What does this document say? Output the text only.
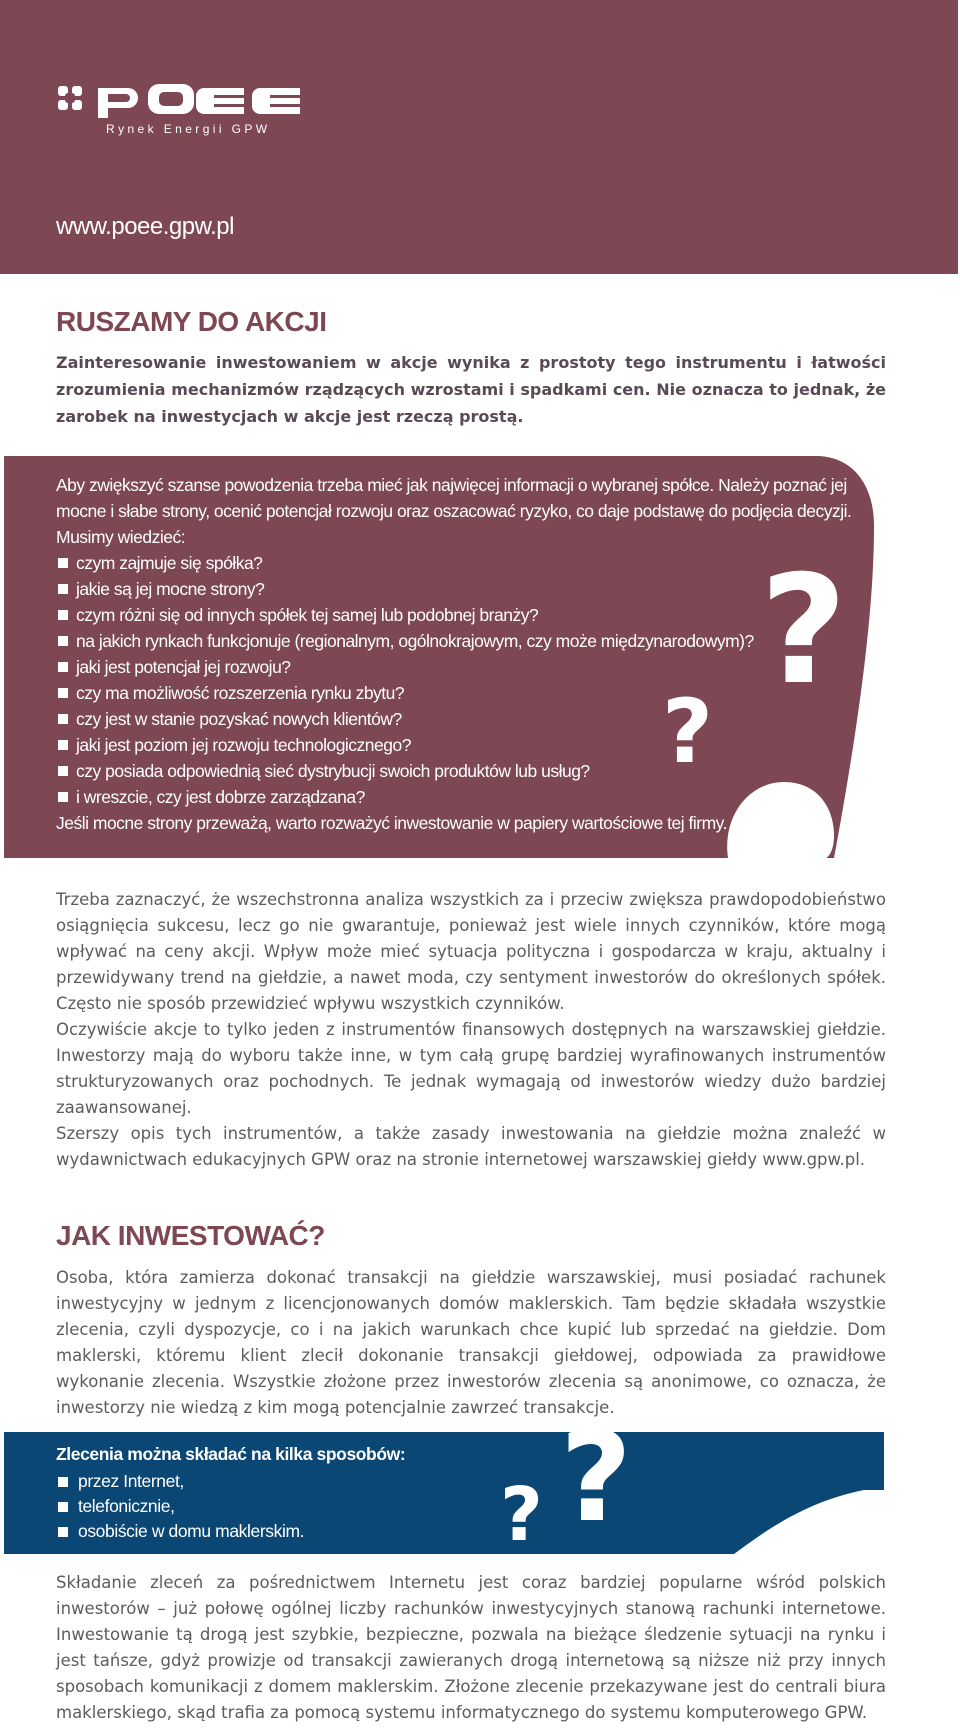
Rynek Energii GPW
www.poee.gpw.pl
RUSZAMY DO AKCJI
Zainteresowanie inwestowaniem w akcje wynika z prostoty tego instrumentu i łatwości zrozumienia mechanizmów rządzących wzrostami i spadkami cen. Nie oznacza to jednak, że zarobek na inwestycjach w akcje jest rzeczą prostą.
?
?

Aby zwiększyć szanse powodzenia trzeba mieć jak najwięcej informacji o wybranej spółce. Należy poznać jej mocne i słabe strony, ocenić potencjał rozwoju oraz oszacować ryzyko, co daje podstawę do podjęcia decyzji. Musimy wiedzieć:

czym zajmuje się spółka?
jakie są jej mocne strony?
czym różni się od innych spółek tej samej lub podobnej branży?
na jakich rynkach funkcjonuje (regionalnym, ogólnokrajowym, czy może międzynarodowym)?
jaki jest potencjał jej rozwoju?
czy ma możliwość rozszerzenia rynku zbytu?
czy jest w stanie pozyskać nowych klientów?
jaki jest poziom jej rozwoju technologicznego?
czy posiada odpowiednią sieć dystrybucji swoich produktów lub usług?
i wreszcie, czy jest dobrze zarządzana?

Jeśli mocne strony przeważą, warto rozważyć inwestowanie w papiery wartościowe tej firmy.

Trzeba zaznaczyć, że wszechstronna analiza wszystkich za i przeciw zwiększa prawdopodobieństwo osiągnięcia sukcesu, lecz go nie gwarantuje, ponieważ jest wiele innych czynników, które mogą wpływać na ceny akcji. Wpływ może mieć sytuacja polityczna i gospodarcza w kraju, aktualny i przewidywany trend na giełdzie, a nawet moda, czy sentyment inwestorów do określonych spółek. Często nie sposób przewidzieć wpływu wszystkich czynników.

Oczywiście akcje to tylko jeden z instrumentów finansowych dostępnych na warszawskiej giełdzie. Inwestorzy mają do wyboru także inne, w tym całą grupę bardziej wyrafinowanych instrumentów strukturyzowanych oraz pochodnych. Te jednak wymagają od inwestorów wiedzy dużo bardziej zaawansowanej.

Szerszy opis tych instrumentów, a także zasady inwestowania na giełdzie można znaleźć w wydawnictwach edukacyjnych GPW oraz na stronie internetowej warszawskiej giełdy www.gpw.pl.

JAK INWESTOWAĆ?

Osoba, która zamierza dokonać transakcji na giełdzie warszawskiej, musi posiadać rachunek inwestycyjny w jednym z licencjonowanych domów maklerskich. Tam będzie składała wszystkie zlecenia, czyli dyspozycje, co i na jakich warunkach chce kupić lub sprzedać na giełdzie. Dom maklerski, któremu klient zlecił dokonanie transakcji giełdowej, odpowiada za prawidłowe wykonanie zlecenia. Wszystkie złożone przez inwestorów zlecenia są anonimowe, co oznacza, że inwestorzy nie wiedzą z kim mogą potencjalnie zawrzeć transakcje.

?
?

Zlecenia można składać na kilka sposobów:

przez Internet,
telefonicznie,
osobiście w domu maklerskim.

Składanie zleceń za pośrednictwem Internetu jest coraz bardziej popularne wśród polskich inwestorów – już połowę ogólnej liczby rachunków inwestycyjnych stanową rachunki internetowe. Inwestowanie tą drogą jest szybkie, bezpieczne, pozwala na bieżące śledzenie sytuacji na rynku i jest tańsze, gdyż prowizje od transakcji zawieranych drogą internetową są niższe niż przy innych sposobach komunikacji z domem maklerskim. Złożone zlecenie przekazywane jest do centrali biura maklerskiego, skąd trafia za pomocą systemu informatycznego do systemu komputerowego GPW.
